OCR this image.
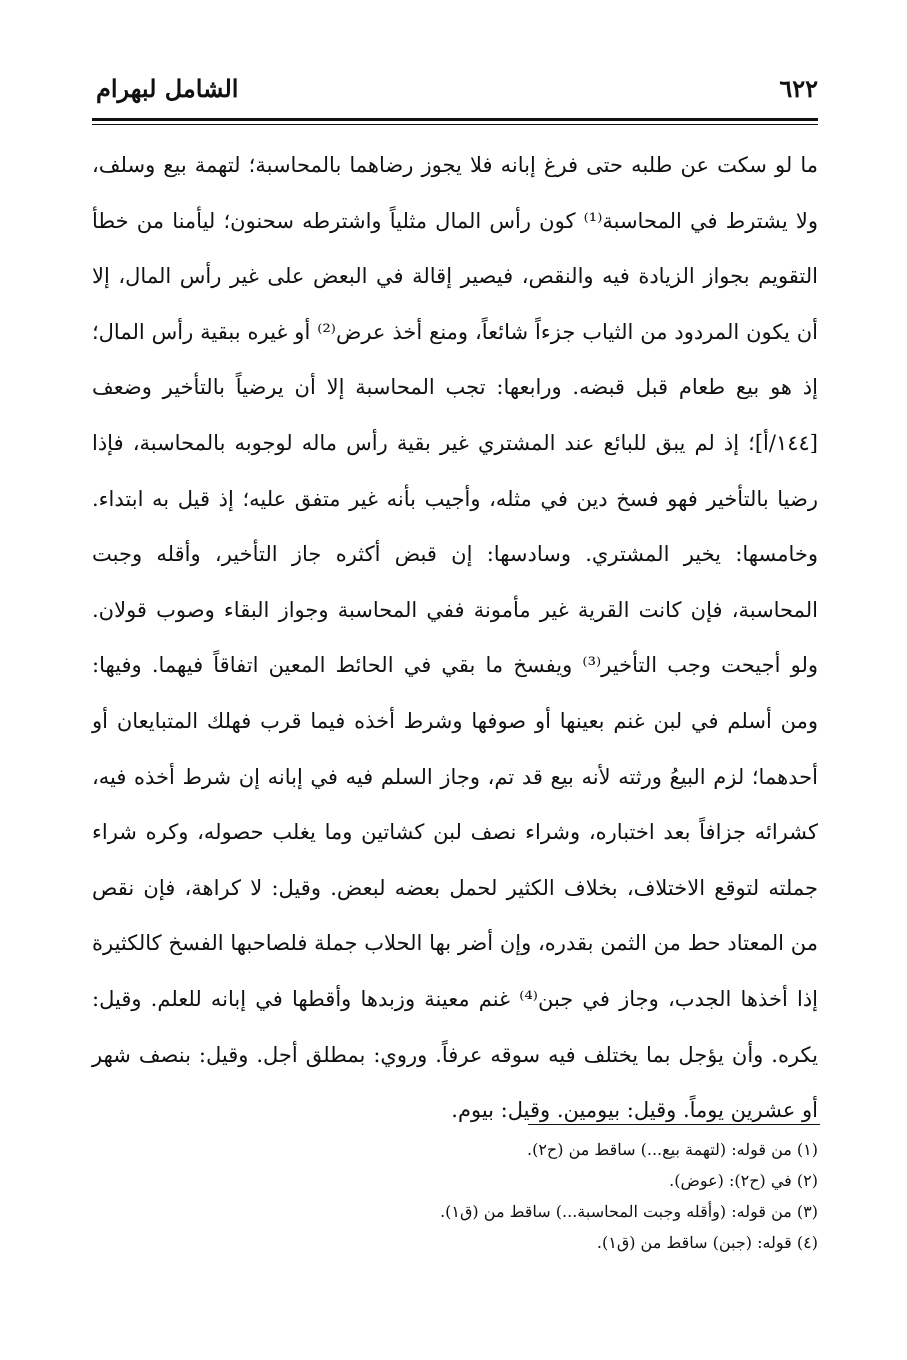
٦٢٢
الشامل لبهرام

ما لو سكت عن طلبه حتى فرغ إبانه فلا يجوز رضاهما بالمحاسبة؛ لتهمة بيع وسلف، ولا يشترط في المحاسبة⁽¹⁾ كون رأس المال مثلياً واشترطه سحنون؛ ليأمنا من خطأ التقويم بجواز الزيادة فيه والنقص، فيصير إقالة في البعض على غير رأس المال، إلا أن يكون المردود من الثياب جزءاً شائعاً، ومنع أخذ عرض⁽²⁾ أو غيره ببقية رأس المال؛ إذ هو بيع طعام قبل قبضه. ورابعها: تجب المحاسبة إلا أن يرضياً بالتأخير وضعف [١٤٤/أ]؛ إذ لم يبق للبائع عند المشتري غير بقية رأس ماله لوجوبه بالمحاسبة، فإذا رضيا بالتأخير فهو فسخ دين في مثله، وأجيب بأنه غير متفق عليه؛ إذ قيل به ابتداء. وخامسها: يخير المشتري. وسادسها: إن قبض أكثره جاز التأخير، وأقله وجبت المحاسبة، فإن كانت القرية غير مأمونة ففي المحاسبة وجواز البقاء وصوب قولان. ولو أجيحت وجب التأخير⁽³⁾ ويفسخ ما بقي في الحائط المعين اتفاقاً فيهما. وفيها: ومن أسلم في لبن غنم بعينها أو صوفها وشرط أخذه فيما قرب فهلك المتبايعان أو أحدهما؛ لزم البيعُ ورثته لأنه بيع قد تم، وجاز السلم فيه في إبانه إن شرط أخذه فيه، كشرائه جزافاً بعد اختباره، وشراء نصف لبن كشاتين وما يغلب حصوله، وكره شراء جملته لتوقع الاختلاف، بخلاف الكثير لحمل بعضه لبعض. وقيل: لا كراهة، فإن نقص من المعتاد حط من الثمن بقدره، وإن أضر بها الحلاب جملة فلصاحبها الفسخ كالكثيرة إذا أخذها الجدب، وجاز في جبن⁽⁴⁾ غنم معينة وزبدها وأقطها في إبانه للعلم. وقيل: يكره. وأن يؤجل بما يختلف فيه سوقه عرفاً. وروي: بمطلق أجل. وقيل: بنصف شهر أو عشرين يوماً. وقيل: بيومين. وقيل: بيوم.

(١) من قوله: (لتهمة بيع...) ساقط من (ح٢).
(٢) في (ح٢): (عوض).
(٣) من قوله: (وأقله وجبت المحاسبة...) ساقط من (ق١).
(٤) قوله: (جبن) ساقط من (ق١).
